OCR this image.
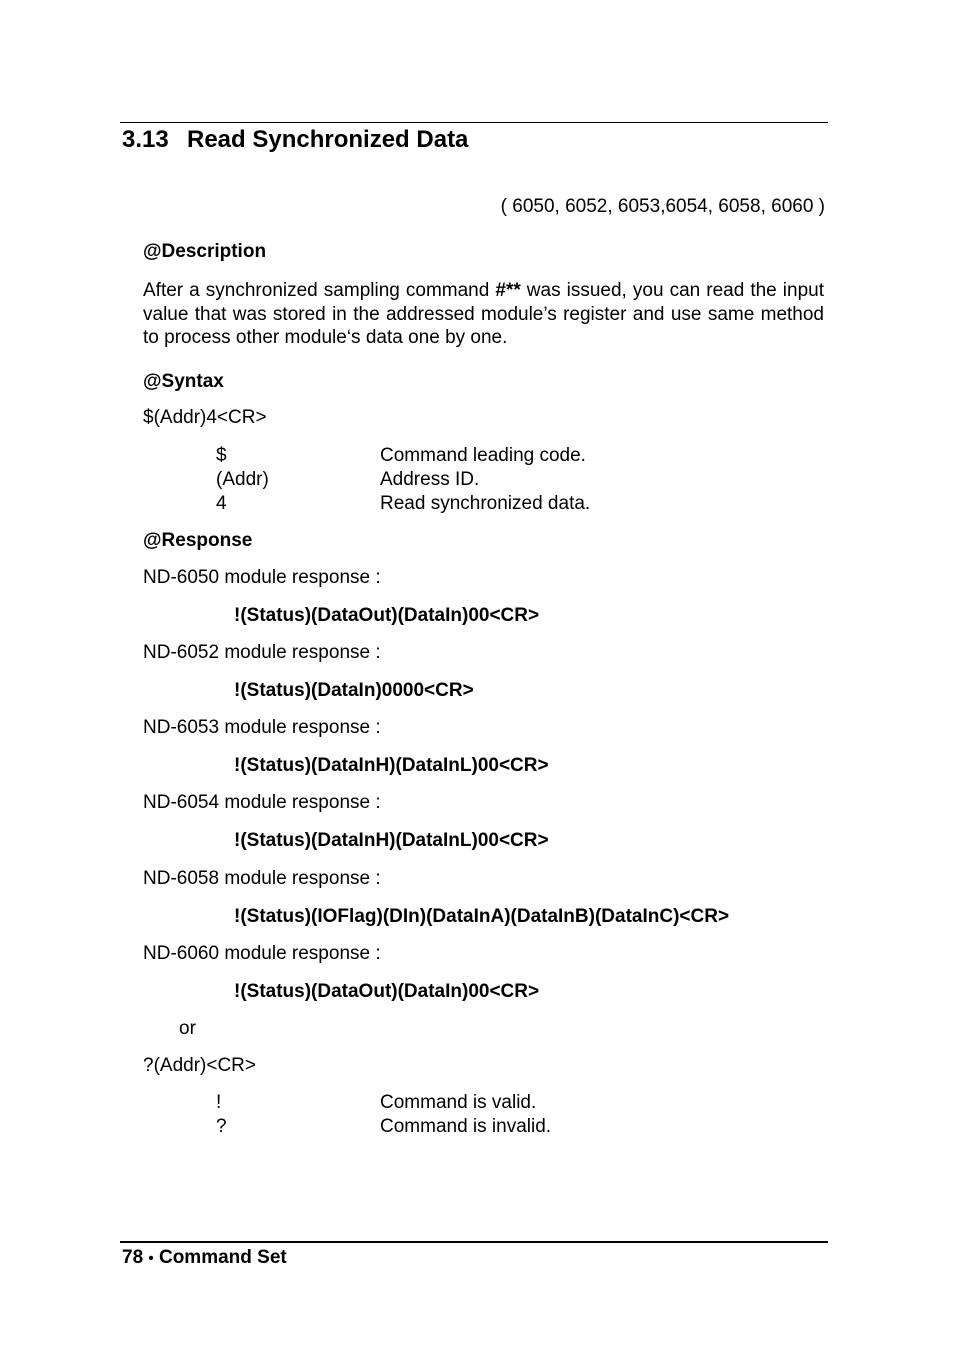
3.13 Read Synchronized Data
( 6050, 6052, 6053,6054, 6058, 6060 )
@Description
After a synchronized sampling command #** was issued, you can read the input value that was stored in the addressed module’s register and use same method to process other module‘s data one by one.
@Syntax
$(Addr)4<CR>
$	Command leading code.
(Addr)	Address ID.
4	Read synchronized data.
@Response
ND-6050 module response :
!(Status)(DataOut)(DataIn)00<CR>
ND-6052 module response :
!(Status)(DataIn)0000<CR>
ND-6053 module response :
!(Status)(DataInH)(DataInL)00<CR>
ND-6054 module response :
!(Status)(DataInH)(DataInL)00<CR>
ND-6058 module response :
!(Status)(IOFlag)(DIn)(DataInA)(DataInB)(DataInC)<CR>
ND-6060 module response :
!(Status)(DataOut)(DataIn)00<CR>
or
?(Addr)<CR>
!	Command is valid.
?	Command is invalid.
78 • Command Set
